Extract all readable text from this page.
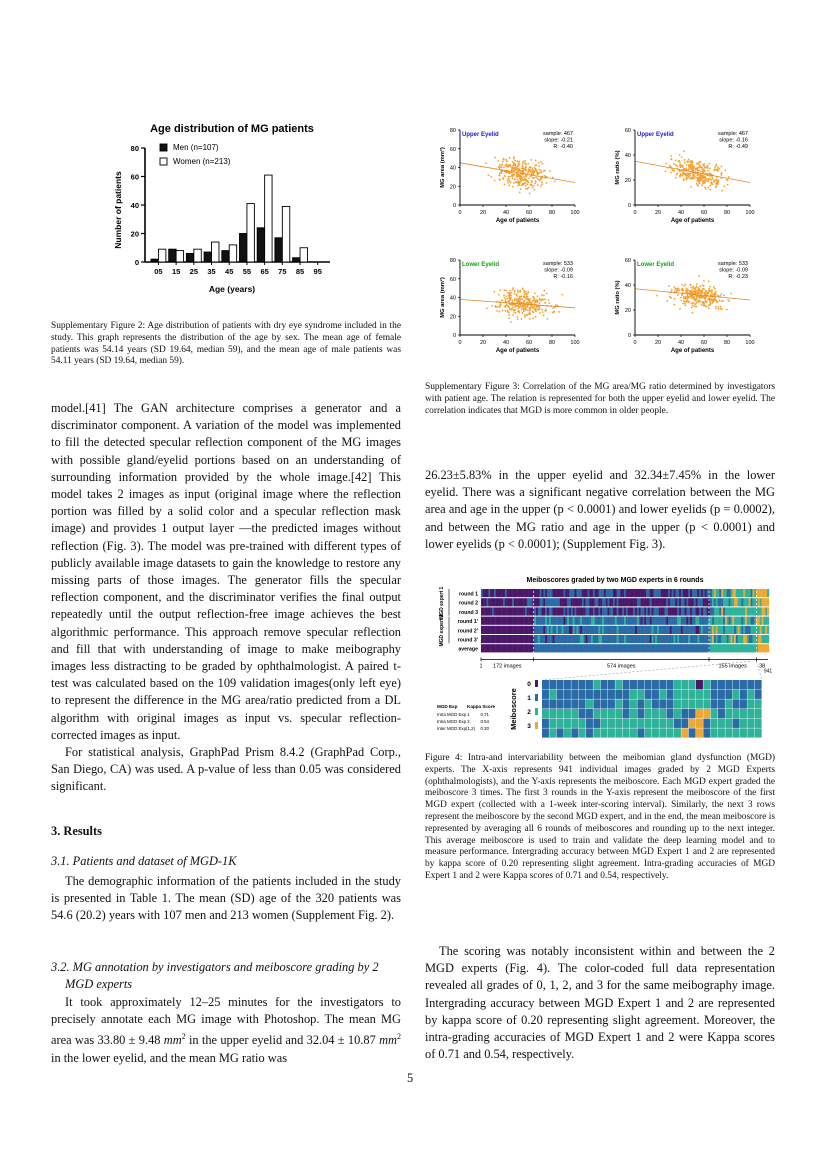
Age distribution of MG patients
Number of patients
Age (years)
0
20
40
60
80
05 15 25 35 45 55 65 75 85 95
Men (n=107)
Women (n=213)
Supplementary Figure 2: Age distribution of patients with dry eye syndrome included in the study. This graph represents the distribution of the age by sex. The mean age of female patients was 54.14 years (SD 19.64, median 59), and the mean age of male patients was 54.11 years (SD 19.64, median 59).
0
20
40
60
80
0	20	40	60	80	100
Age of patients
MG area (mm²)
Upper Eyelid	sample: 467
slope: -0.21
R: -0.40
0
20
40
60
0	20	40	60	80	100
Age of patients
MG ratio (%)
Upper Eyelid	sample: 467
slope: -0.16
R: -0.49
0
20
40
60
80
0	20	40	60	80	100
Age of patients
MG area (mm²)
Lower Eyelid	sample: 533
slope: -0.09
R: -0.16
0
20
40
60
0	20	40	60	80	100
Age of patients
MG ratio (%)
Lower Eyelid	sample: 533
slope: -0.09
R: -0.23
Supplementary Figure 3: Correlation of the MG area/MG ratio determined by investigators with patient age. The relation is represented for both the upper eyelid and lower eyelid. The correlation indicates that MGD is more common in older people.

model.[41] The GAN architecture comprises a generator and a discriminator component. A variation of the model was implemented to fill the detected specular reflection component of the MG images with possible gland/eyelid portions based on an understanding of surrounding information provided by the whole image.[42] This model takes 2 images as input (original image where the reflection portion was filled by a solid color and a specular reflection mask image) and provides 1 output layer —the predicted images without reflection (Fig. 3). The model was pre-trained with different types of publicly available image datasets to gain the knowledge to restore any missing parts of those images. The generator fills the specular reflection component, and the discriminator verifies the final output repeatedly until the output reflection-free image achieves the best algorithmic performance. This approach remove specular reflection and fill that with understanding of image to make meibography images less distracting to be graded by ophthalmologist. A paired t-test was calculated based on the 109 validation images(only left eye) to represent the difference in the MG area/ratio predicted from a DL algorithm with original images as input vs. specular reflection-corrected images as input.

For statistical analysis, GraphPad Prism 8.4.2 (GraphPad Corp., San Diego, CA) was used. A p-value of less than 0.05 was considered significant.

3. Results
3.1. Patients and dataset of MGD-1K

The demographic information of the patients included in the study is presented in Table 1. The mean (SD) age of the 320 patients was 54.6 (20.2) years with 107 men and 213 women (Supplement Fig. 2).

3.2. MG annotation by investigators and meiboscore grading by 2 MGD experts

It took approximately 12–25 minutes for the investigators to precisely annotate each MG image with Photoshop. The mean MG area was 33.80 ± 9.48 $mm^2$ in the upper eyelid and 32.04 ± 10.87 $mm^2$ in the lower eyelid, and the mean MG ratio was

26.23±5.83% in the upper eyelid and 32.34±7.45% in the lower eyelid. There was a significant negative correlation between the MG area and age in the upper (p < 0.0001) and lower eyelids (p = 0.0002), and between the MG ratio and age in the upper (p < 0.0001) and lower eyelids (p < 0.0001); (Supplement Fig. 3).

Meiboscores graded by two MGD experts in 6 rounds
round 1
round 2
round 3
round 1'
round 2'
round 3'
average
MGD expert 1
MGD expert 2
172 images	574 images	155 images 38
1
941
Meiboscore
0
1
2
3
MGD Exp Kappa Score
Intra MGD Exp 1 0.71
Intra MGD Exp 2 0.54
Inter MGD Exp(1,2) 0.20
Figure 4: Intra-and intervariability between the meibomian gland dysfunction (MGD) experts. The X-axis represents 941 individual images graded by 2 MGD Experts (ophthalmologists), and the Y-axis represents the meiboscore. Each MGD expert graded the meiboscore 3 times. The first 3 rounds in the Y-axis represent the meiboscore of the first MGD expert (collected with a 1-week inter-scoring interval). Similarly, the next 3 rows represent the meiboscore by the second MGD expert, and in the end, the mean meiboscore is represented by averaging all 6 rounds of meiboscores and rounding up to the next integer. This average meiboscore is used to train and validate the deep learning model and to measure performance. Intergrading accuracy between MGD Expert 1 and 2 are represented by kappa score of 0.20 representing slight agreement. Intra-grading accuracies of MGD Expert 1 and 2 were Kappa scores of 0.71 and 0.54, respectively.

The scoring was notably inconsistent within and between the 2 MGD experts (Fig. 4). The color-coded full data representation revealed all grades of 0, 1, 2, and 3 for the same meibography image. Intergrading accuracy between MGD Expert 1 and 2 are represented by kappa score of 0.20 representing slight agreement. Moreover, the intra-grading accuracies of MGD Expert 1 and 2 were Kappa scores of 0.71 and 0.54, respectively.

5
